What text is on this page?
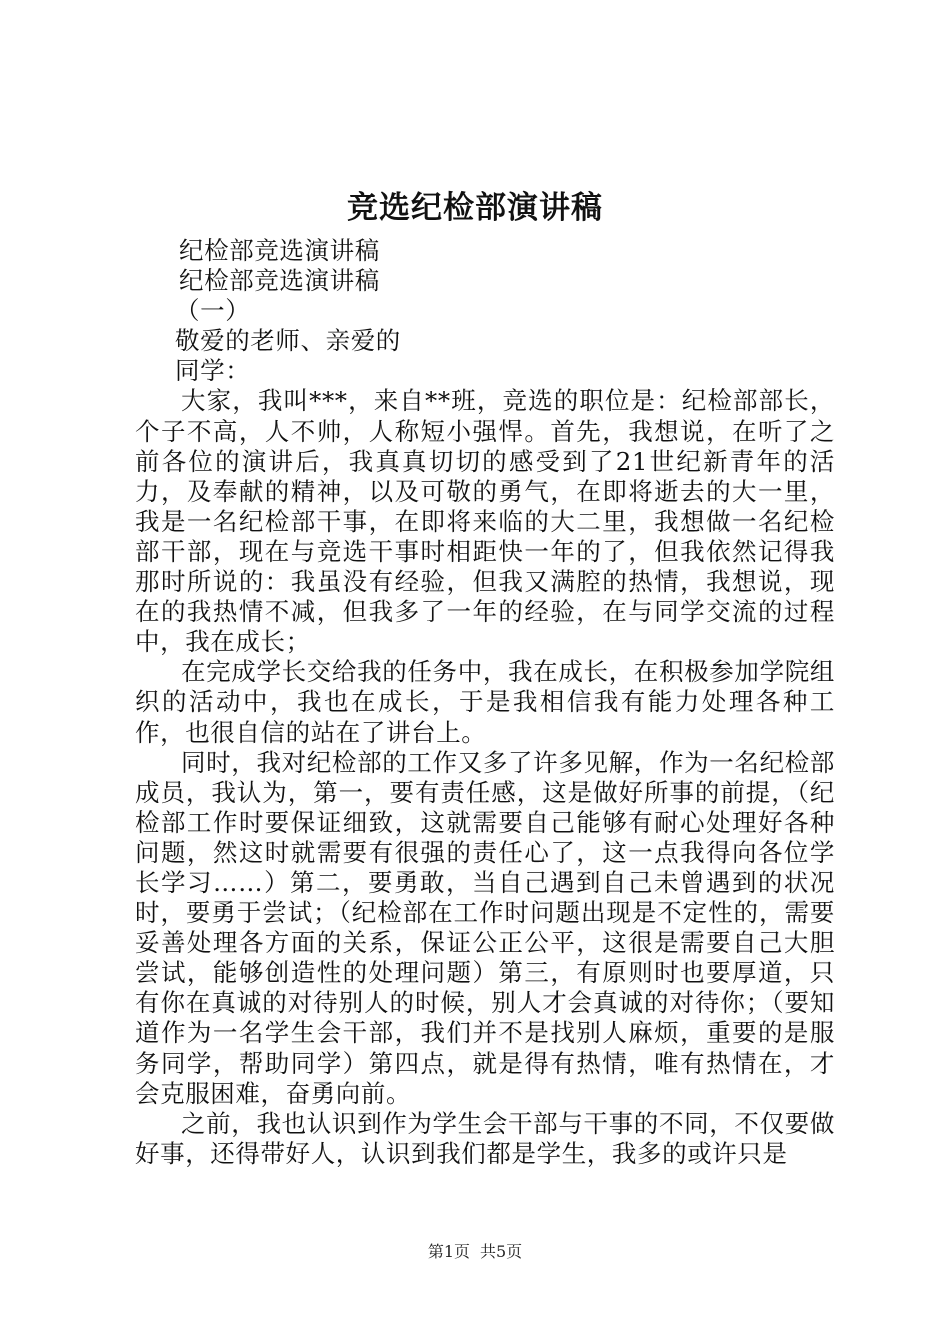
竞选纪检部演讲稿

纪检部竞选演讲稿

纪检部竞选演讲稿

（一）

敬爱的老师、亲爱的

同学：

大家，我叫***，来自**班，竞选的职位是：纪检部部长，个子不高，人不帅，人称短小强悍。首先，我想说，在听了之前各位的演讲后，我真真切切的感受到了21世纪新青年的活力，及奉献的精神，以及可敬的勇气，在即将逝去的大一里，我是一名纪检部干事，在即将来临的大二里，我想做一名纪检部干部，现在与竞选干事时相距快一年的了，但我依然记得我那时所说的：我虽没有经验，但我又满腔的热情，我想说，现在的我热情不减，但我多了一年的经验，在与同学交流的过程中，我在成长；

在完成学长交给我的任务中，我在成长，在积极参加学院组织的活动中，我也在成长，于是我相信我有能力处理各种工作，也很自信的站在了讲台上。

同时，我对纪检部的工作又多了许多见解，作为一名纪检部成员，我认为，第一，要有责任感，这是做好所事的前提，（纪检部工作时要保证细致，这就需要自己能够有耐心处理好各种问题，然这时就需要有很强的责任心了，这一点我得向各位学长学习……）第二，要勇敢，当自己遇到自己未曾遇到的状况时，要勇于尝试；（纪检部在工作时问题出现是不定性的，需要妥善处理各方面的关系，保证公正公平，这很是需要自己大胆尝试，能够创造性的处理问题）第三，有原则时也要厚道，只有你在真诚的对待别人的时候，别人才会真诚的对待你；（要知道作为一名学生会干部，我们并不是找别人麻烦，重要的是服务同学，帮助同学）第四点，就是得有热情，唯有热情在，才会克服困难，奋勇向前。

之前，我也认识到作为学生会干部与干事的不同，不仅要做好事，还得带好人，认识到我们都是学生，我多的或许只是

第1页 共5页
